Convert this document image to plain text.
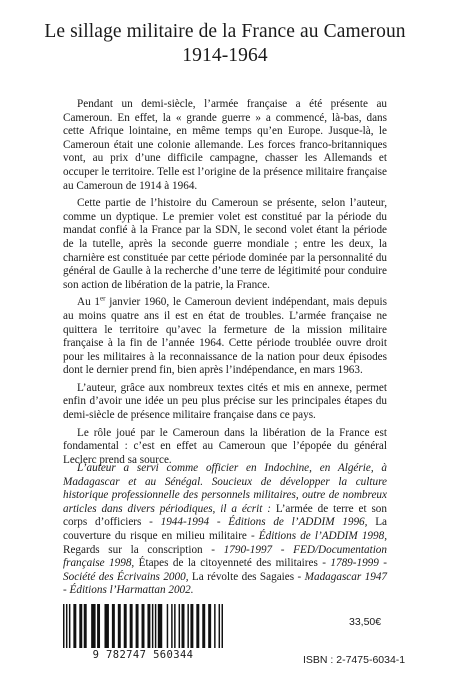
Le sillage militaire de la France au Cameroun
1914-1964

Pendant un demi-siècle, l’armée française a été présente au Cameroun. En effet, la « grande guerre » a commencé, là-bas, dans cette Afrique lointaine, en même temps qu’en Europe. Jusque-là, le Cameroun était une colonie allemande. Les forces franco-britanniques vont, au prix d’une difficile campagne, chasser les Allemands et occuper le territoire. Telle est l’origine de la présence militaire française au Cameroun de 1914 à 1964.

Cette partie de l’histoire du Cameroun se présente, selon l’auteur, comme un dyptique. Le premier volet est constitué par la période du mandat confié à la France par la SDN, le second volet étant la période de la tutelle, après la seconde guerre mondiale ; entre les deux, la charnière est constituée par cette période dominée par la personnalité du général de Gaulle à la recherche d’une terre de légitimité pour conduire son action de libération de la patrie, la France.

Au 1er janvier 1960, le Cameroun devient indépendant, mais depuis au moins quatre ans il est en état de troubles. L’armée française ne quittera le territoire qu’avec la fermeture de la mission militaire française à la fin de l’année 1964. Cette période troublée ouvre droit pour les militaires à la reconnaissance de la nation pour deux épisodes dont le dernier prend fin, bien après l’indépendance, en mars 1963.

L’auteur, grâce aux nombreux textes cités et mis en annexe, permet enfin d’avoir une idée un peu plus précise sur les principales étapes du demi-siècle de présence militaire française dans ce pays.

Le rôle joué par le Cameroun dans la libération de la France est fondamental : c’est en effet au Cameroun que l’épopée du général Leclerc prend sa source.

L’auteur a servi comme officier en Indochine, en Algérie, à Madagascar et au Sénégal. Soucieux de développer la culture historique professionnelle des personnels militaires, outre de nombreux articles dans divers périodiques, il a écrit : L’armée de terre et son corps d’officiers - 1944-1994 - Éditions de l’ADDIM 1996, La couverture du risque en milieu militaire - Éditions de l’ADDIM 1998, Regards sur la conscription - 1790-1997 - FED/Documentation française 1998, Étapes de la citoyenneté des militaires - 1789-1999 - Société des Écrivains 2000, La révolte des Sagaies - Madagascar 1947 - Éditions l’Harmattan 2002.

9 782747 560344
33,50€
ISBN : 2-7475-6034-1
